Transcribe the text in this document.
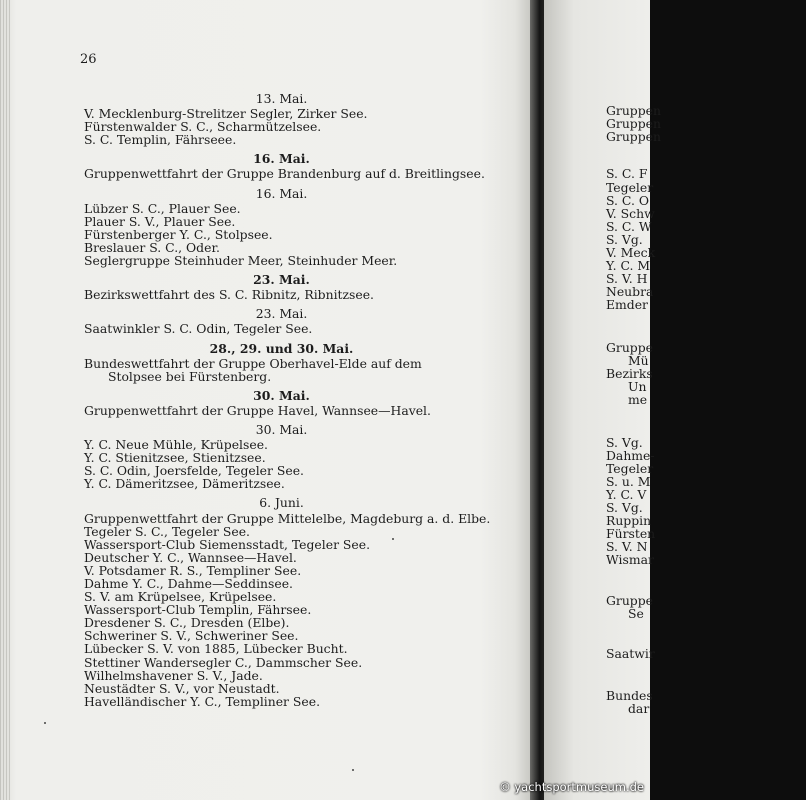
26
13. Mai.
V. Mecklenburg-Strelitzer Segler, Zirker See.
Fürstenwalder S. C., Scharmützelsee.
S. C. Templin, Fährseee.
16. Mai.
Gruppenwettfahrt der Gruppe Brandenburg auf d. Breitlingsee.
16. Mai.
Lübzer S. C., Plauer See.
Plauer S. V., Plauer See.
Fürstenberger Y. C., Stolpsee.
Breslauer S. C., Oder.
Seglergruppe Steinhuder Meer, Steinhuder Meer.
23. Mai.
Bezirkswettfahrt des S. C. Ribnitz, Ribnitzsee.
23. Mai.
Saatwinkler S. C. Odin, Tegeler See.
28., 29. und 30. Mai.
Bundeswettfahrt der Gruppe Oberhavel-Elde auf dem Stolpsee bei Fürstenberg.
30. Mai.
Gruppenwettfahrt der Gruppe Havel, Wannsee—Havel.
30. Mai.
Y. C. Neue Mühle, Krüpelsee.
Y. C. Stienitzsee, Stienitzsee.
S. C. Odin, Joersfelde, Tegeler See.
Y. C. Dämeritzsee, Dämeritzsee.
6. Juni.
Gruppenwettfahrt der Gruppe Mittelelbe, Magdeburg a. d. Elbe.
Tegeler S. C., Tegeler See.
Wassersport-Club Siemensstadt, Tegeler See.
Deutscher Y. C., Wannsee—Havel.
V. Potsdamer R. S., Templiner See.
Dahme Y. C., Dahme—Seddinsee.
S. V. am Krüpelsee, Krüpelsee.
Wassersport-Club Templin, Fährsee.
Dresdener S. C., Dresden (Elbe).
Schweriner S. V., Schweriner See.
Lübecker S. V. von 1885, Lübecker Bucht.
Stettiner Wandersegler C., Dammscher See.
Wilhelmshavener S. V., Jade.
Neustädter S. V., vor Neustadt.
Havelländischer Y. C., Templiner See.
Gruppen
Gruppen
Gruppen
S. C. F
Tegeler
S. C. O
V. Schw
S. C. W
S. Vg.
V. Meck
Y. C. M
S. V. H
Neubra
Emder
Gruppe
Mü
Bezirks
Un
me
S. Vg.
Dahme-
Tegeler
S. u. M
Y. C. V
S. Vg.
Ruppin
Fürsten
S. V. N
Wismar
Gruppe
Se
Saatwir
Bundes
dar
© yachtsportmuseum.de
